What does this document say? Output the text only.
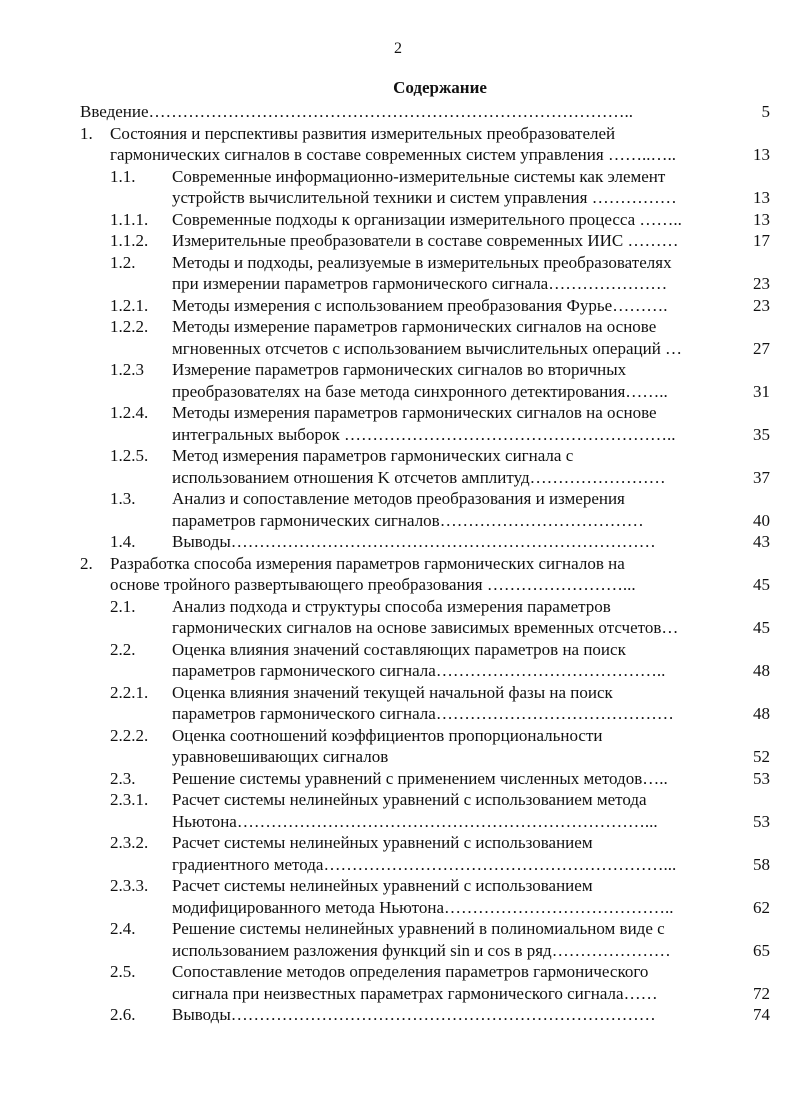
2
Содержание
Введение…………………………………………………………………………..	5
1. Состояния и перспективы развития измерительных преобразователей
гармонических сигналов в составе современных систем управления ……..…..	13
1.1. Современные информационно-измерительные системы как элемент
устройств вычислительной техники и систем управления ……………	13
1.1.1. Современные подходы к организации измерительного процесса ……..	13
1.1.2. Измерительные преобразователи в составе современных ИИС ………	17
1.2. Методы и подходы, реализуемые в измерительных преобразователях
при измерении параметров гармонического сигнала…………………	23
1.2.1. Методы измерения с использованием преобразования Фурье……….	23
1.2.2. Методы измерение параметров гармонических сигналов на основе
мгновенных отсчетов с использованием вычислительных операций …	27
1.2.3 Измерение параметров гармонических сигналов во вторичных
преобразователях на базе метода синхронного детектирования……..	31
1.2.4. Методы измерения параметров гармонических сигналов на основе
интегральных выборок …………………………………………………..	35
1.2.5. Метод измерения параметров гармонических сигнала с
использованием отношения K отсчетов амплитуд……………………	37
1.3. Анализ и сопоставление методов преобразования и измерения
параметров гармонических сигналов………………………………	40
1.4. Выводы…………………………………………………………………	43
2. Разработка способа измерения параметров гармонических сигналов на
основе тройного развертывающего преобразования ……………………...	45
2.1. Анализ подхода и структуры способа измерения параметров
гармонических сигналов на основе зависимых временных отсчетов…	45
2.2. Оценка влияния значений составляющих параметров на поиск
параметров гармонического сигнала…………………………………..	48
2.2.1. Оценка влияния значений текущей начальной фазы на поиск
параметров гармонического сигнала……………………………………	48
2.2.2. Оценка соотношений коэффициентов пропорциональности
уравновешивающих сигналов	52
2.3. Решение системы уравнений с применением численных методов…..	53
2.3.1. Расчет системы нелинейных уравнений с использованием метода
Ньютона………………………………………………………………...	53
2.3.2. Расчет системы нелинейных уравнений с использованием
градиентного метода……………………………………………………...	58
2.3.3. Расчет системы нелинейных уравнений с использованием
модифицированного метода Ньютона…………………………………..	62
2.4. Решение системы нелинейных уравнений в полиномиальном виде с
использованием разложения функций sin и cos в ряд…………………	65
2.5. Сопоставление методов определения параметров гармонического
сигнала при неизвестных параметрах гармонического сигнала……	72
2.6. Выводы…………………………………………………………………	74
